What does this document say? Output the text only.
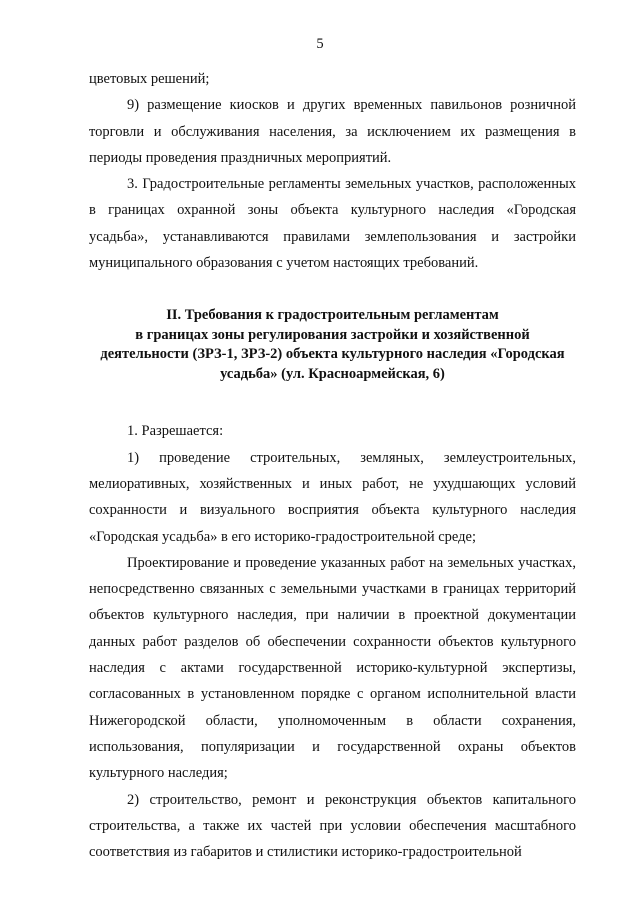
5

цветовых решений;

9) размещение киосков и других временных павильонов розничной торговли и обслуживания населения, за исключением их размещения в периоды проведения праздничных мероприятий.

3. Градостроительные регламенты земельных участков, расположенных в границах охранной зоны объекта культурного наследия «Городская усадьба», устанавливаются правилами землепользования и застройки муниципального образования с учетом настоящих требований.

II. Требования к градостроительным регламентам
в границах зоны регулирования застройки и хозяйственной
деятельности (ЗРЗ-1, ЗРЗ-2) объекта культурного наследия «Городская
усадьба» (ул. Красноармейская, 6)

1. Разрешается:

1) проведение строительных, земляных, землеустроительных, мелиоративных, хозяйственных и иных работ, не ухудшающих условий сохранности и визуального восприятия объекта культурного наследия «Городская усадьба» в его историко-градостроительной среде;

Проектирование и проведение указанных работ на земельных участках, непосредственно связанных с земельными участками в границах территорий объектов культурного наследия, при наличии в проектной документации данных работ разделов об обеспечении сохранности объектов культурного наследия с актами государственной историко-культурной экспертизы, согласованных в установленном порядке с органом исполнительной власти Нижегородской области, уполномоченным в области сохранения, использования, популяризации и государственной охраны объектов культурного наследия;

2) строительство, ремонт и реконструкция объектов капитального строительства, а также их частей при условии обеспечения масштабного соответствия из габаритов и стилистики историко-градостроительной
